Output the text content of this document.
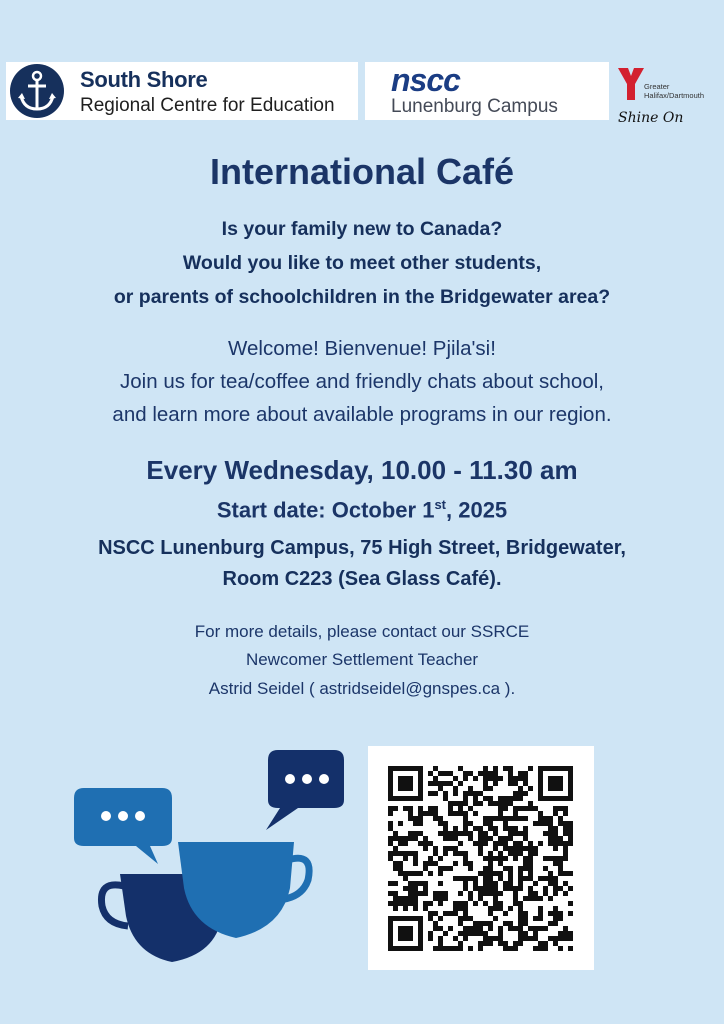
South Shore
Regional Centre for Education
nscc
Lunenburg Campus
Greater
Halifax/Dartmouth
Shine On
International Café
Is your family new to Canada?
Would you like to meet other students,
or parents of schoolchildren in the Bridgewater area?
Welcome! Bienvenue! Pjila'si!
Join us for tea/coffee and friendly chats about school,
and learn more about available programs in our region.
Every Wednesday, 10.00 - 11.30 am
Start date: October 1st, 2025
NSCC Lunenburg Campus, 75 High Street, Bridgewater,
Room C223 (Sea Glass Café).
For more details, please contact our SSRCE
Newcomer Settlement Teacher
Astrid Seidel ( astridseidel@gnspes.ca ).
